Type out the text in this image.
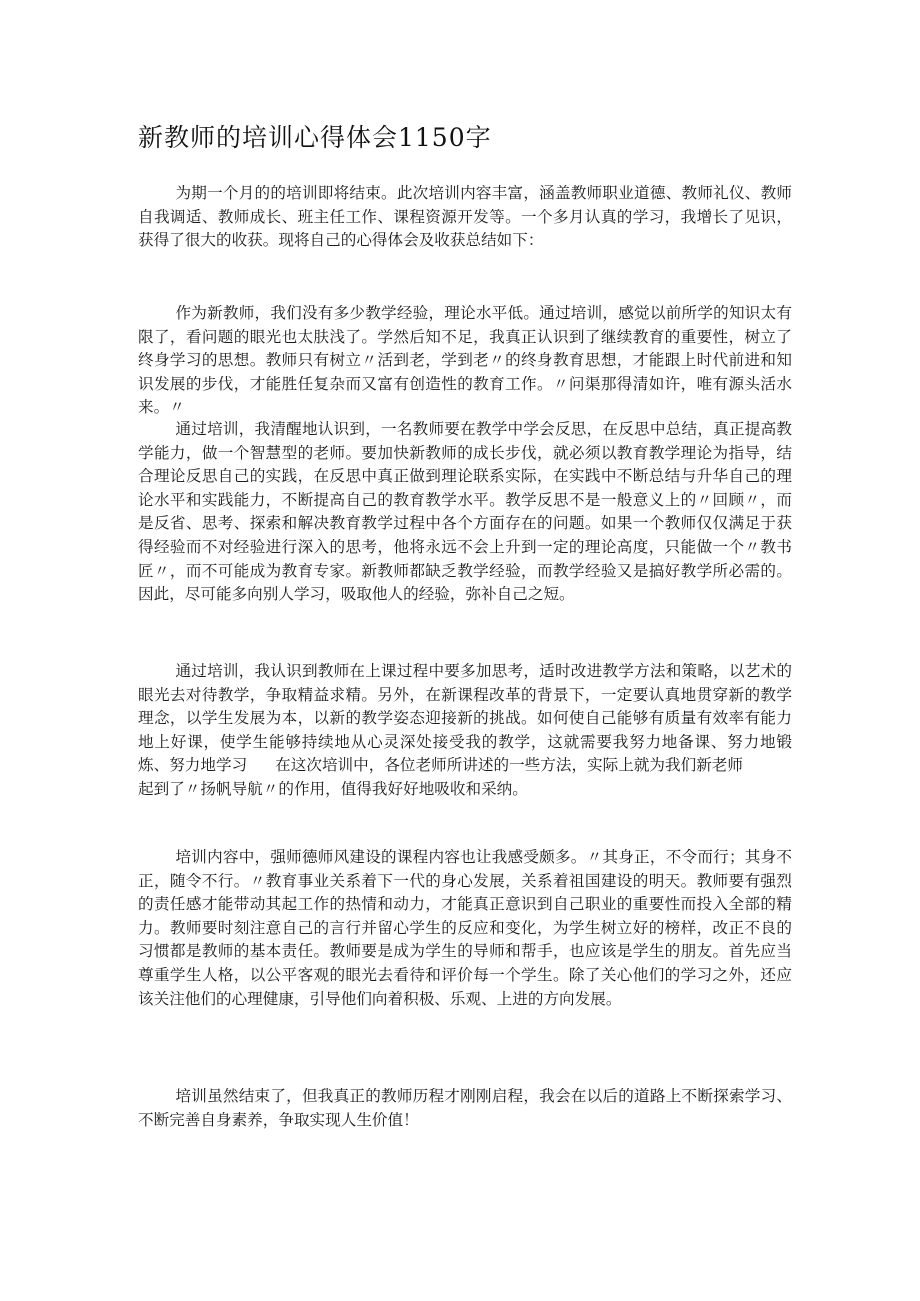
新教师的培训心得体会1150字

为期一个月的的培训即将结束。此次培训内容丰富，涵盖教师职业道德、教师礼仪、教师自我调适、教师成长、班主任工作、课程资源开发等。一个多月认真的学习，我增长了见识，获得了很大的收获。现将自己的心得体会及收获总结如下：

作为新教师，我们没有多少教学经验，理论水平低。通过培训，感觉以前所学的知识太有限了，看问题的眼光也太肤浅了。学然后知不足，我真正认识到了继续教育的重要性，树立了终身学习的思想。教师只有树立〃活到老，学到老〃的终身教育思想，才能跟上时代前进和知识发展的步伐，才能胜任复杂而又富有创造性的教育工作。〃问渠那得清如许，唯有源头活水来。〃

通过培训，我清醒地认识到，一名教师要在教学中学会反思，在反思中总结，真正提高教学能力，做一个智慧型的老师。要加快新教师的成长步伐，就必须以教育教学理论为指导，结合理论反思自己的实践，在反思中真正做到理论联系实际，在实践中不断总结与升华自己的理论水平和实践能力，不断提高自己的教育教学水平。教学反思不是一般意义上的〃回顾〃，而是反省、思考、探索和解决教育教学过程中各个方面存在的问题。如果一个教师仅仅满足于获得经验而不对经验进行深入的思考，他将永远不会上升到一定的理论高度，只能做一个〃教书匠〃，而不可能成为教育专家。新教师都缺乏教学经验，而教学经验又是搞好教学所必需的。因此，尽可能多向别人学习，吸取他人的经验，弥补自己之短。

通过培训，我认识到教师在上课过程中要多加思考，适时改进教学方法和策略，以艺术的眼光去对待教学，争取精益求精。另外，在新课程改革的背景下，一定要认真地贯穿新的教学理念，以学生发展为本，以新的教学姿态迎接新的挑战。如何使自己能够有质量有效率有能力地上好课，使学生能够持续地从心灵深处接受我的教学，这就需要我努力地备课、努力地锻炼、努力地学习 在这次培训中，各位老师所讲述的一些方法，实际上就为我们新老师
起到了〃扬帆导航〃的作用，值得我好好地吸收和采纳。

培训内容中，强师德师风建设的课程内容也让我感受颇多。〃其身正，不令而行；其身不正，随令不行。〃教育事业关系着下一代的身心发展，关系着祖国建设的明天。教师要有强烈的责任感才能带动其起工作的热情和动力，才能真正意识到自己职业的重要性而投入全部的精力。教师要时刻注意自己的言行并留心学生的反应和变化，为学生树立好的榜样，改正不良的习惯都是教师的基本责任。教师要是成为学生的导师和帮手，也应该是学生的朋友。首先应当尊重学生人格，以公平客观的眼光去看待和评价每一个学生。除了关心他们的学习之外，还应该关注他们的心理健康，引导他们向着积极、乐观、上进的方向发展。

培训虽然结束了，但我真正的教师历程才刚刚启程，我会在以后的道路上不断探索学习、不断完善自身素养，争取实现人生价值！
